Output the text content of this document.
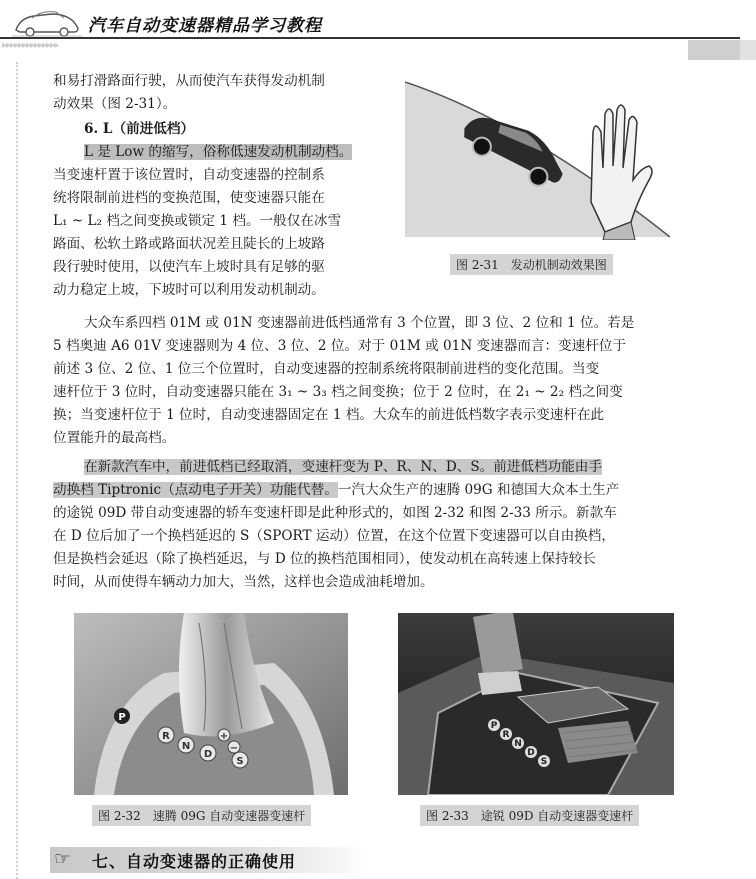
汽车自动变速器精品学习教程
▸▸▸▸▸▸▸▸▸▸▸▸▸▸

和易打滑路面行驶，从而使汽车获得发动机制

动效果（图 2-31）。

6. L（前进低档）

L 是 Low 的缩写，俗称低速发动机制动档。

当变速杆置于该位置时，自动变速器的控制系

统将限制前进档的变换范围，使变速器只能在

L₁ ~ L₂ 档之间变换或锁定 1 档。一般仅在冰雪

路面、松软土路或路面状况差且陡长的上坡路

段行驶时使用，以使汽车上坡时具有足够的驱

动力稳定上坡，下坡时可以利用发动机制动。

图 2-31　发动机制动效果图

大众车系四档 01M 或 01N 变速器前进低档通常有 3 个位置，即 3 位、2 位和 1 位。若是

5 档奥迪 A6 01V 变速器则为 4 位、3 位、2 位。对于 01M 或 01N 变速器而言：变速杆位于

前述 3 位、2 位、1 位三个位置时，自动变速器的控制系统将限制前进档的变化范围。当变

速杆位于 3 位时，自动变速器只能在 3₁ ~ 3₃ 档之间变换；位于 2 位时，在 2₁ ~ 2₂ 档之间变

换；当变速杆位于 1 位时，自动变速器固定在 1 档。大众车的前进低档数字表示变速杆在此

位置能升的最高档。

在新款汽车中，前进低档已经取消，变速杆变为 P、R、N、D、S。前进低档功能由手

动换档 Tiptronic（点动电子开关）功能代替。一汽大众生产的速腾 09G 和德国大众本土生产

的途锐 09D 带自动变速器的轿车变速杆即是此种形式的，如图 2-32 和图 2-33 所示。新款车

在 D 位后加了一个换档延迟的 S（SPORT 运动）位置，在这个位置下变速器可以自由换档，

但是换档会延迟（除了换档延迟，与 D 位的换档范围相同），使发动机在高转速上保持较长

时间，从而使得车辆动力加大，当然，这样也会造成油耗增加。

P
R
N
D
S
+
−
图 2-32　速腾 09G 自动变速器变速杆
P
R
N
D
S
图 2-33　途锐 09D 自动变速器变速杆
☞ 七、自动变速器的正确使用
